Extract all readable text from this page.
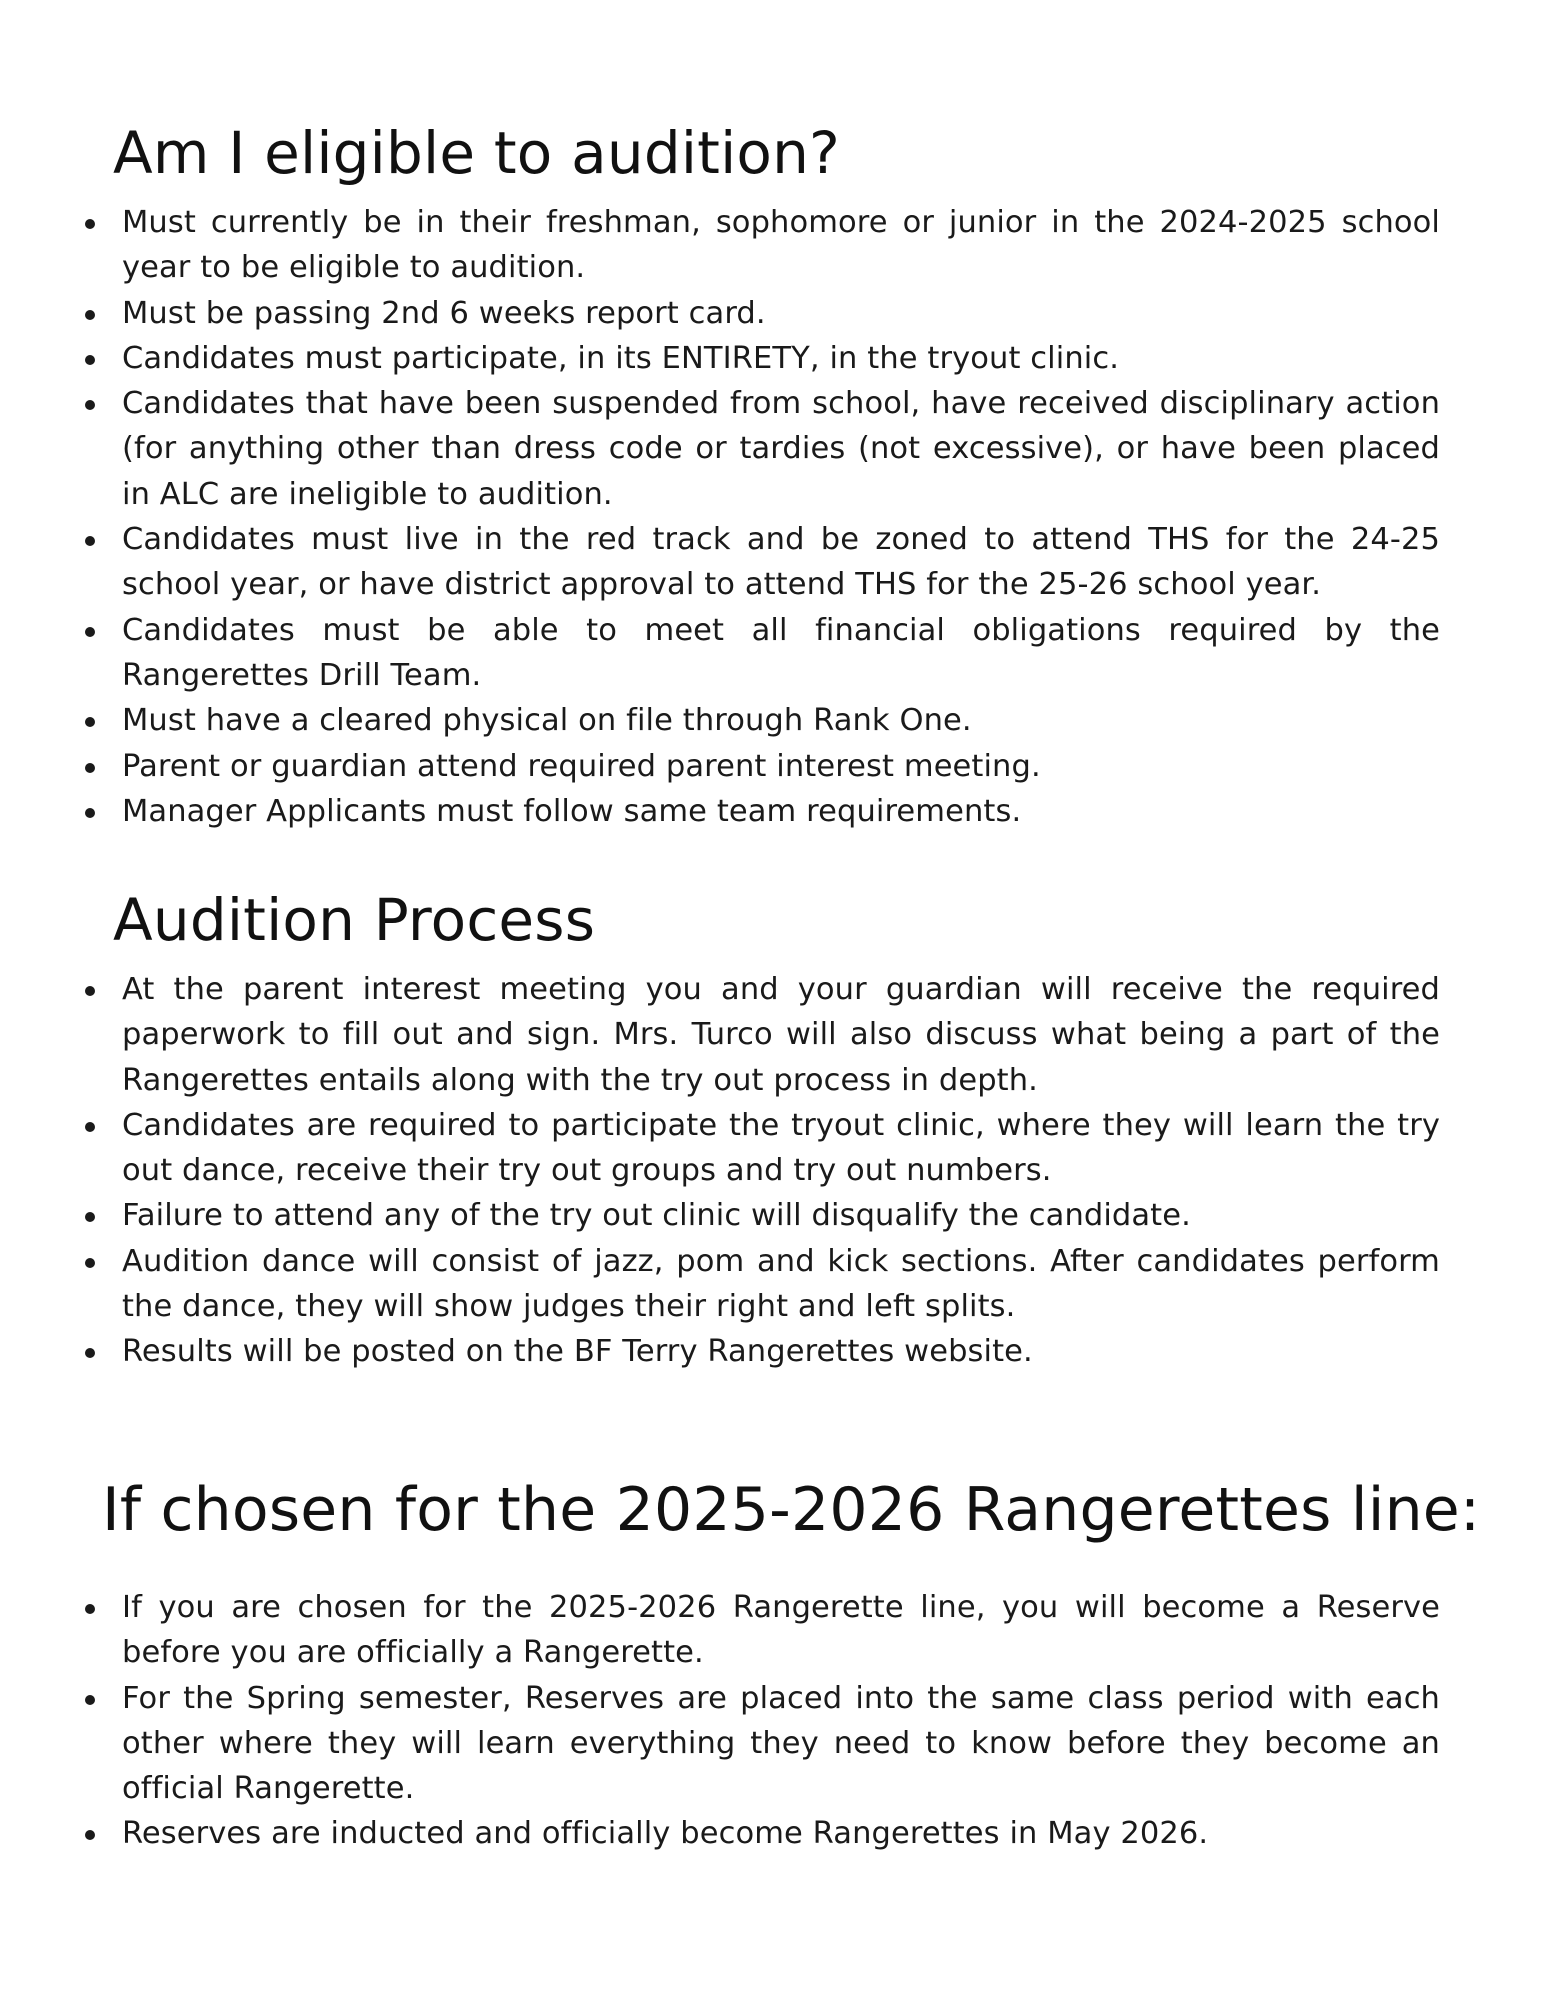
Am I eligible to audition?
Must currently be in their freshman, sophomore or junior in the 2024-2025 school year to be eligible to audition.
Must be passing 2nd 6 weeks report card.
Candidates must participate, in its ENTIRETY, in the tryout clinic.
Candidates that have been suspended from school, have received disciplinary action (for anything other than dress code or tardies (not excessive), or have been placed in ALC are ineligible to audition.
Candidates must live in the red track and be zoned to attend THS for the 24-25 school year, or have district approval to attend THS for the 25-26 school year.
Candidates must be able to meet all financial obligations required by the Rangerettes Drill Team.
Must have a cleared physical on file through Rank One.
Parent or guardian attend required parent interest meeting.
Manager Applicants must follow same team requirements.
Audition Process
At the parent interest meeting you and your guardian will receive the required paperwork to fill out and sign. Mrs. Turco will also discuss what being a part of the Rangerettes entails along with the try out process in depth.
Candidates are required to participate the tryout clinic, where they will learn the try out dance, receive their try out groups and try out numbers.
Failure to attend any of the try out clinic will disqualify the candidate.
Audition dance will consist of jazz, pom and kick sections. After candidates perform the dance, they will show judges their right and left splits.
Results will be posted on the BF Terry Rangerettes website.
If chosen for the 2025-2026 Rangerettes line:
If you are chosen for the 2025-2026 Rangerette line, you will become a Reserve before you are officially a Rangerette.
For the Spring semester, Reserves are placed into the same class period with each other where they will learn everything they need to know before they become an official Rangerette.
Reserves are inducted and officially become Rangerettes in May 2026.
